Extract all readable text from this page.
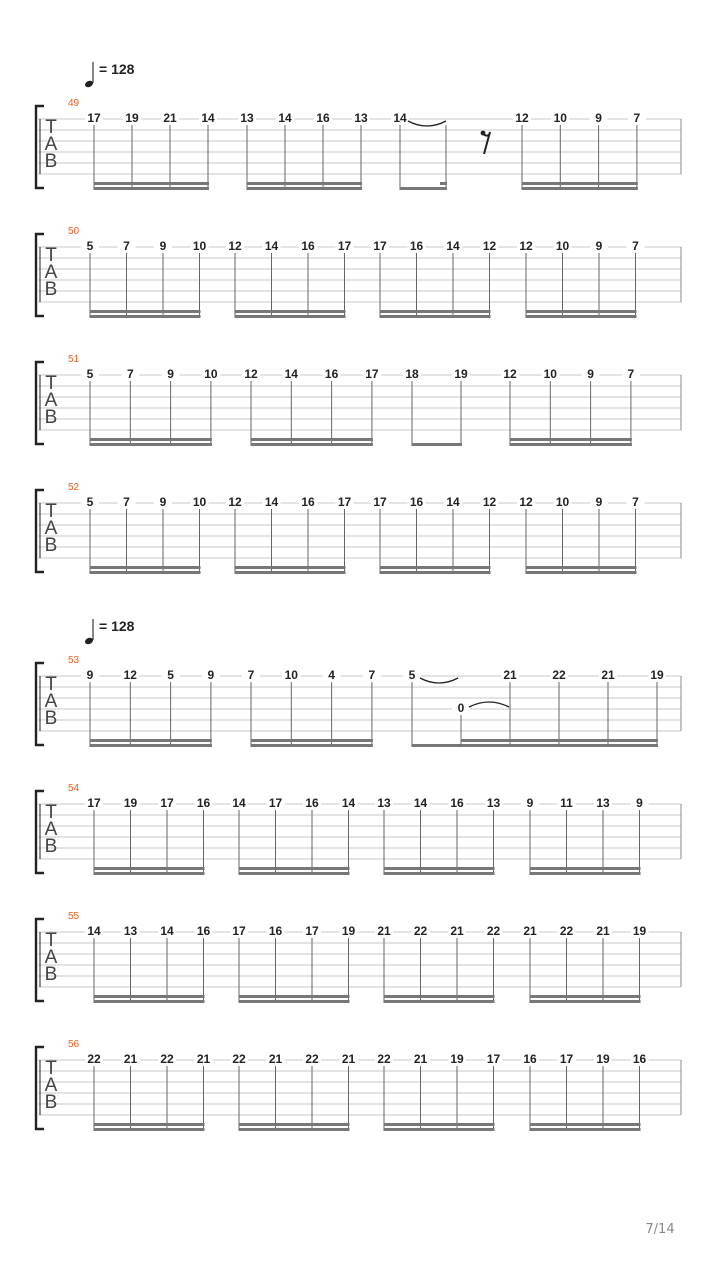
= 128
49
T
A
B
17 19 21 14 13 14 16 13 14	12 10 9	7
50
T
A
B
5 7 9 10 12 14 16 17 17 16 14 12 12 10 9 7
51
T
A
B
5	7	9	10 12 14 16 17 18	19	12 10	9	7
52
T
A
B
5 7 9 10 12 14 16 17 17 16 14 12 12 10 9 7
= 128
53
T
A
B
9	12	5	9	7	10	4	7	5
0
21	22	21	19
54
T
A
B
17 19 17 16 14 17 16 14 13 14 16 13 9 11 13 9
55
T
A
B
14 13 14 16 17 16 17 19 21 22 21 22 21 22 21 19
56
T
A
B
22 21 22 21 22 21 22 21 22 21 19 17 16 17 19 16
7/14
